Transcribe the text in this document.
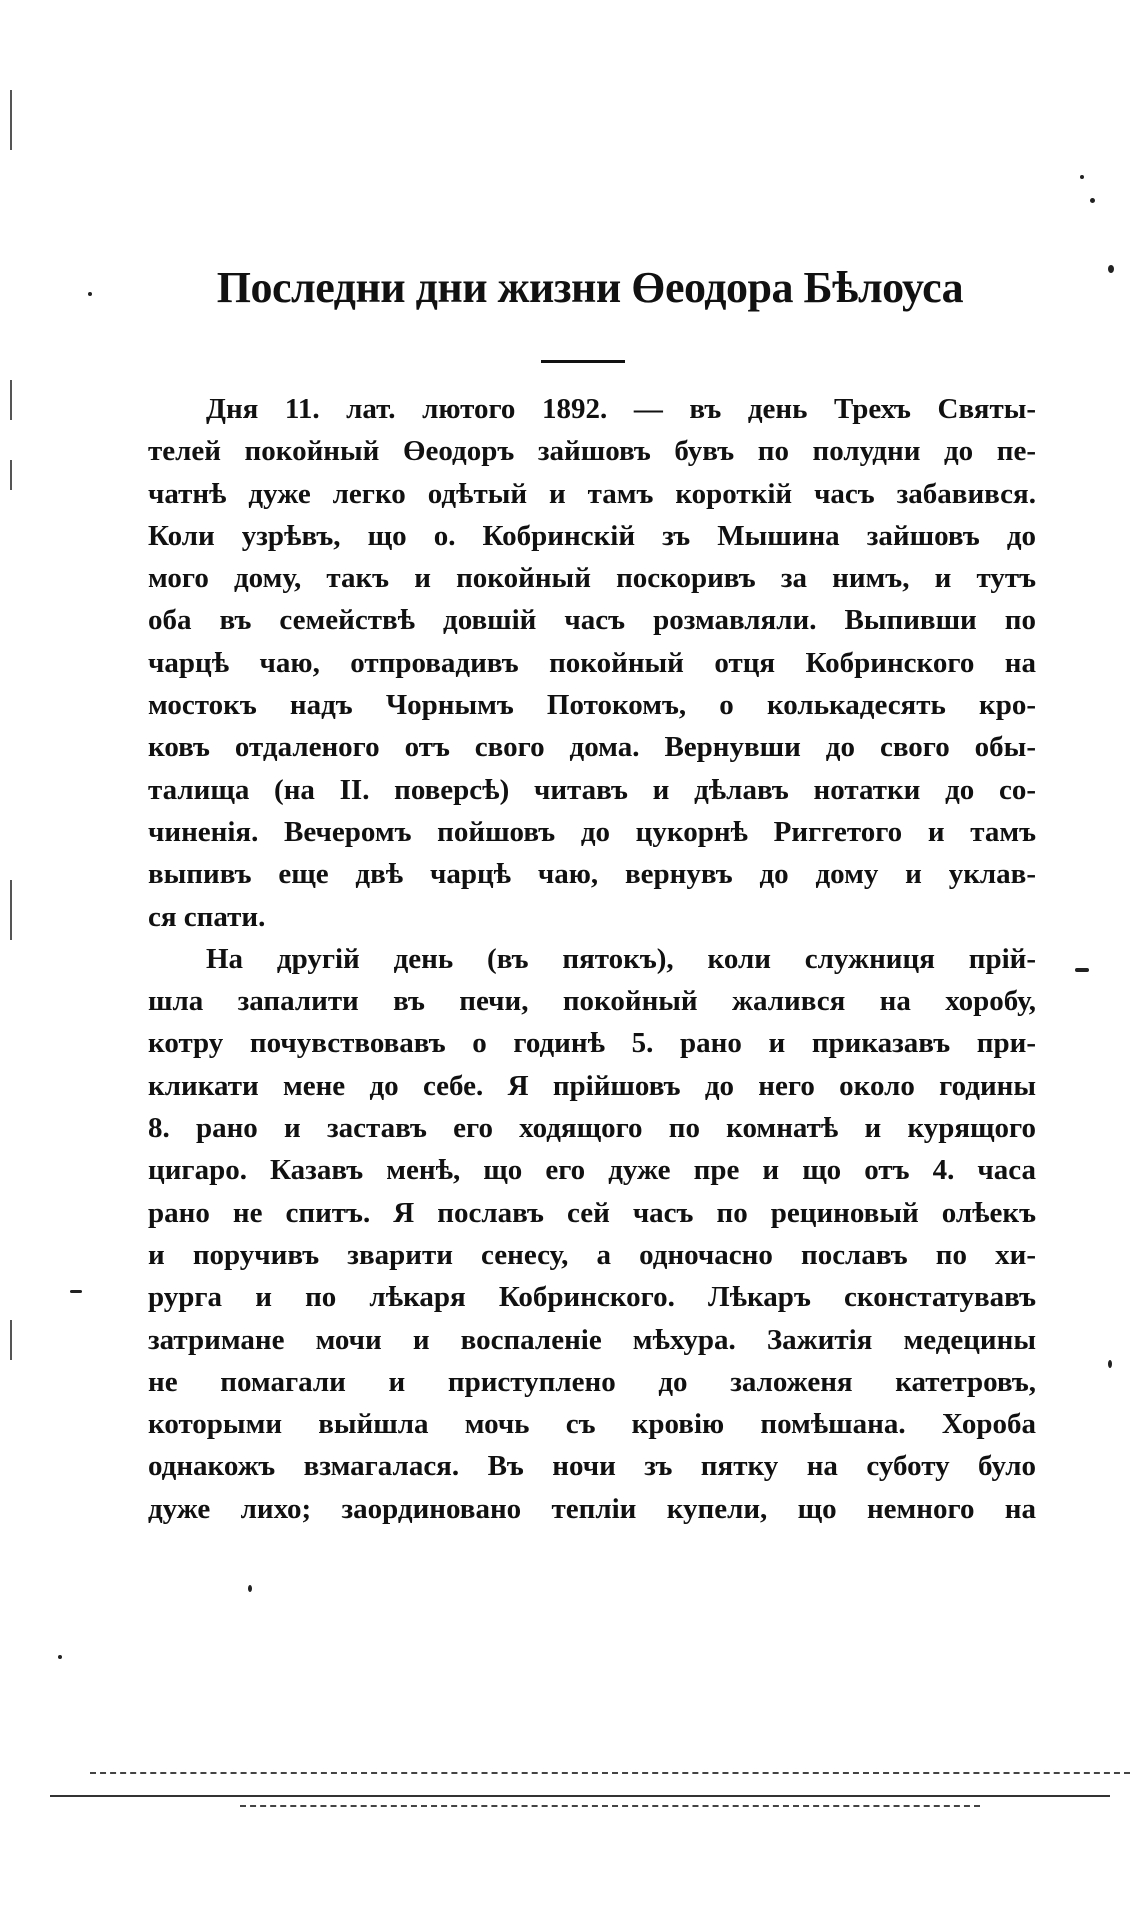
Последни дни жизни Өеодора Бѣлоуса
Дня 11. лат. лютого 1892. — въ день Трехъ Святы-
телей покойный Өеодоръ зайшовъ бувъ по полудни до пе-
чатнѣ дуже легко одѣтый и тамъ короткій часъ забавився.
Коли узрѣвъ, що о. Кобринскій зъ Мышина зайшовъ до
мого дому, такъ и покойный поскоривъ за нимъ, и тутъ
оба въ семействѣ довшій часъ розмавляли. Выпивши по
чарцѣ чаю, отпровадивъ покойный отця Кобринского на
мостокъ надъ Чорнымъ Потокомъ, о колькадесять кро-
ковъ отдаленого отъ свого дома. Вернувши до свого обы-
талища (на II. поверсѣ) читавъ и дѣлавъ нотатки до со-
чиненія. Вечеромъ пойшовъ до цукорнѣ Риггетого и тамъ
выпивъ еще двѣ чарцѣ чаю, вернувъ до дому и уклав-
ся спати.
На другій день (въ пятокъ), коли служниця прій-
шла запалити въ печи, покойный жалився на хоробу,
котру почувствовавъ о годинѣ 5. рано и приказавъ при-
кликати мене до себе. Я прійшовъ до него около годины
8. рано и заставъ его ходящого по комнатѣ и курящого
цигаро. Казавъ менѣ, що его дуже пре и що отъ 4. часа
рано не спитъ. Я пославъ сей часъ по рециновый олѣекъ
и поручивъ зварити сенесу, а одночасно пославъ по хи-
рурга и по лѣкаря Кобринского. Лѣкаръ сконстатувавъ
затримане мочи и воспаленіе мѣхура. Зажитія медецины
не помагали и приступлено до заложеня катетровъ,
которыми выйшла мочь съ кровію помѣшана. Хороба
однакожъ взмагалася. Въ ночи зъ пятку на суботу було
дуже лихо; заординовано тепліи купели, що немного на
